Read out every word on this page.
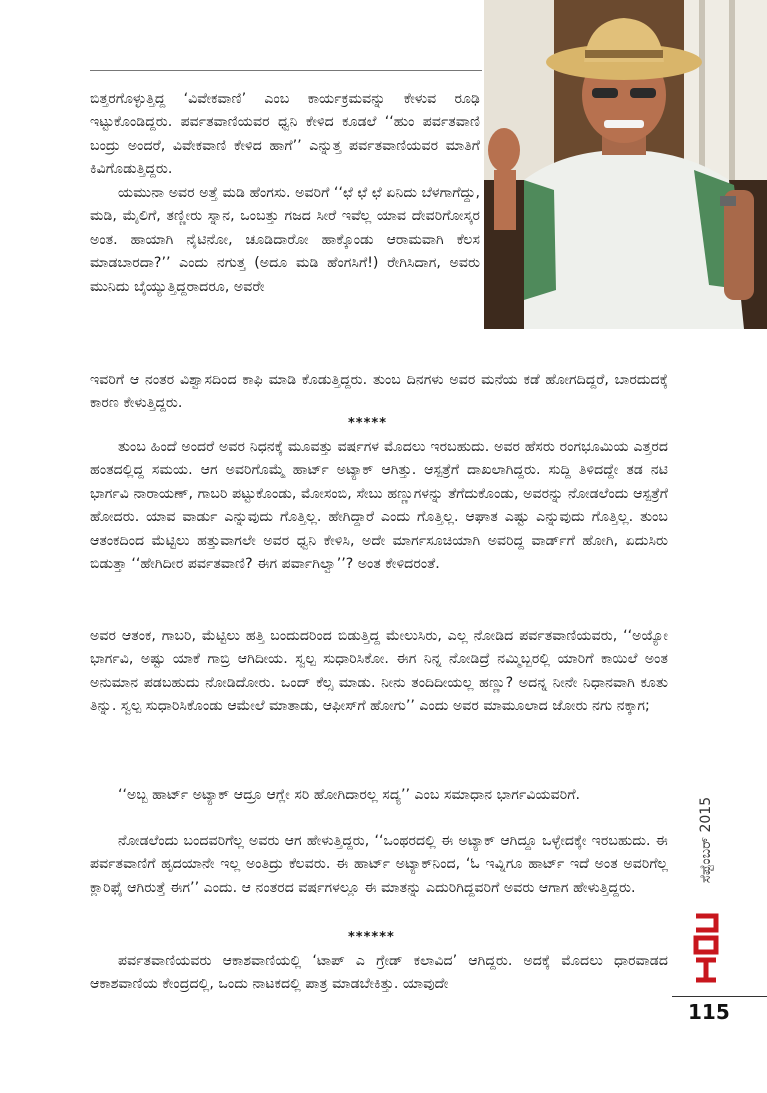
ಬಿತ್ತರಗೊಳ್ಳುತ್ತಿದ್ದ ‘ವಿವೇಕವಾಣಿ’ ಎಂಬ ಕಾರ್ಯಕ್ರಮವನ್ನು ಕೇಳುವ ರೂಢಿ ಇಟ್ಟುಕೊಂಡಿದ್ದರು. ಪರ್ವತವಾಣಿಯವರ ಧ್ವನಿ ಕೇಳಿದ ಕೂಡಲೆ ‘‘ಹುಂ ಪರ್ವತವಾಣಿ ಬಂದ್ರು ಅಂದರೆ, ವಿವೇಕವಾಣಿ ಕೇಳಿದ ಹಾಗೆ’’ ಎನ್ನುತ್ತ ಪರ್ವತವಾಣಿಯವರ ಮಾತಿಗೆ ಕಿವಿಗೊಡುತ್ತಿದ್ದರು.

ಯಮುನಾ ಅವರ ಅತ್ತೆ ಮಡಿ ಹೆಂಗಸು. ಅವರಿಗೆ ‘‘ಛೆ ಛೆ ಛೆ ಏನಿದು ಬೆಳಗಾಗೆದ್ದು, ಮಡಿ, ಮೈಲಿಗೆ, ತಣ್ಣೀರು ಸ್ನಾನ, ಒಂಬತ್ತು ಗಜದ ಸೀರೆ ಇವೆಲ್ಲ ಯಾವ ದೇವರಿಗೋಸ್ಕರ ಅಂತ. ಹಾಯಾಗಿ ನೈಟಿನೋ, ಚೂಡಿದಾರೋ ಹಾಕ್ಕೊಂಡು ಆರಾಮವಾಗಿ ಕೆಲಸ ಮಾಡಬಾರದಾ?’’ ಎಂದು ನಗುತ್ತ (ಅದೂ ಮಡಿ ಹೆಂಗಸಿಗೆ!) ರೇಗಿಸಿದಾಗ, ಅವರು ಮುನಿದು ಬೈಯ್ಯುತ್ತಿದ್ದರಾದರೂ, ಅವರೇ

ಇವರಿಗೆ ಆ ನಂತರ ವಿಶ್ವಾಸದಿಂದ ಕಾಫಿ ಮಾಡಿ ಕೊಡುತ್ತಿದ್ದರು. ತುಂಬ ದಿನಗಳು ಅವರ ಮನೆಯ ಕಡೆ ಹೋಗದಿದ್ದರೆ, ಬಾರದುದಕ್ಕೆ ಕಾರಣ ಕೇಳುತ್ತಿದ್ದರು.

*****

ತುಂಬ ಹಿಂದೆ ಅಂದರೆ ಅವರ ನಿಧನಕ್ಕೆ ಮೂವತ್ತು ವರ್ಷಗಳ ಮೊದಲು ಇರಬಹುದು. ಅವರ ಹೆಸರು ರಂಗಭೂಮಿಯ ಎತ್ತರದ ಹಂತದಲ್ಲಿದ್ದ ಸಮಯ. ಆಗ ಅವರಿಗೊಮ್ಮೆ ಹಾರ್ಟ್ ಅಟ್ಯಾಕ್ ಆಗಿತ್ತು. ಆಸ್ಪತ್ರೆಗೆ ದಾಖಲಾಗಿದ್ದರು. ಸುದ್ದಿ ತಿಳಿದದ್ದೇ ತಡ ನಟಿ ಭಾರ್ಗವಿ ನಾರಾಯಣ್, ಗಾಬರಿ ಪಟ್ಟುಕೊಂಡು, ಮೋಸಂಬಿ, ಸೇಬು ಹಣ್ಣುಗಳನ್ನು ತೆಗೆದುಕೊಂಡು, ಅವರನ್ನು ನೋಡಲೆಂದು ಆಸ್ಪತ್ರೆಗೆ ಹೋದರು. ಯಾವ ವಾರ್ಡು ಎನ್ನುವುದು ಗೊತ್ತಿಲ್ಲ. ಹೇಗಿದ್ದಾರೆ ಎಂದು ಗೊತ್ತಿಲ್ಲ. ಆಘಾತ ಎಷ್ಟು ಎನ್ನುವುದು ಗೊತ್ತಿಲ್ಲ. ತುಂಬ ಆತಂಕದಿಂದ ಮೆಟ್ಟಿಲು ಹತ್ತುವಾಗಲೇ ಅವರ ಧ್ವನಿ ಕೇಳಿಸಿ, ಅದೇ ಮಾರ್ಗಸೂಚಿಯಾಗಿ ಅವರಿದ್ದ ವಾರ್ಡ್‌ಗೆ ಹೋಗಿ, ಏದುಸಿರು ಬಿಡುತ್ತಾ ‘‘ಹೇಗಿದೀರ ಪರ್ವತವಾಣಿ? ಈಗ ಪರ್ವಾಗಿಲ್ವಾ’’? ಅಂತ ಕೇಳಿದರಂತೆ.

ಅವರ ಆತಂಕ, ಗಾಬರಿ, ಮೆಟ್ಟಿಲು ಹತ್ತಿ ಬಂದುದರಿಂದ ಬಿಡುತ್ತಿದ್ದ ಮೇಲುಸಿರು, ಎಲ್ಲ ನೋಡಿದ ಪರ್ವತವಾಣಿಯವರು, ‘‘ಅಯ್ಯೋ ಭಾರ್ಗವಿ, ಅಷ್ಟು ಯಾಕೆ ಗಾಬ್ರಿ ಆಗಿದೀಯ. ಸ್ವಲ್ಪ ಸುಧಾರಿಸಿಕೋ. ಈಗ ನಿನ್ನ ನೋಡಿದ್ರೆ ನಮ್ಮಿಬ್ಬರಲ್ಲಿ ಯಾರಿಗೆ ಕಾಯಿಲೆ ಅಂತ ಅನುಮಾನ ಪಡಬಹುದು ನೋಡಿದೋರು. ಒಂದ್ ಕೆಲ್ಸ ಮಾಡು. ನೀನು ತಂದಿದೀಯಲ್ಲ ಹಣ್ಣು? ಅದನ್ನ ನೀನೇ ನಿಧಾನವಾಗಿ ಕೂತು ತಿನ್ನು. ಸ್ವಲ್ಪ ಸುಧಾರಿಸಿಕೊಂಡು ಆಮೇಲೆ ಮಾತಾಡು, ಆಫೀಸ್‌ಗೆ ಹೋಗು’’ ಎಂದು ಅವರ ಮಾಮೂಲಾದ ಜೋರು ನಗು ನಕ್ಕಾಗ;

‘‘ಅಬ್ಬ ಹಾರ್ಟ್ ಅಟ್ಯಾಕ್ ಆದ್ರೂ ಆಗ್ಲೇ ಸರಿ ಹೋಗಿದಾರಲ್ಲ ಸದ್ಯ’’ ಎಂಬ ಸಮಾಧಾನ ಭಾರ್ಗವಿಯವರಿಗೆ.

ನೋಡಲೆಂದು ಬಂದವರಿಗೆಲ್ಲ ಅವರು ಆಗ ಹೇಳುತ್ತಿದ್ದರು, ‘‘ಒಂಥರದಲ್ಲಿ ಈ ಅಟ್ಯಾಕ್ ಆಗಿದ್ದೂ ಒಳ್ಳೇದಕ್ಕೇ ಇರಬಹುದು. ಈ ಪರ್ವತವಾಣಿಗೆ ಹೃದಯಾನೇ ಇಲ್ಲ ಅಂತಿದ್ರು ಕೆಲವರು. ಈ ಹಾರ್ಟ್ ಅಟ್ಯಾಕ್‌ನಿಂದ, ‘ಓ ಇವ್ನಿಗೂ ಹಾರ್ಟ್ ಇದೆ ಅಂತ ಅವರಿಗೆಲ್ಲ ಕ್ಲಾರಿಫೈ ಆಗಿರುತ್ತೆ ಈಗ’’ ಎಂದು. ಆ ನಂತರದ ವರ್ಷಗಳಲ್ಲೂ ಈ ಮಾತನ್ನು ಎದುರಿಗಿದ್ದವರಿಗೆ ಅವರು ಆಗಾಗ ಹೇಳುತ್ತಿದ್ದರು.

******

ಪರ್ವತವಾಣಿಯವರು ಆಕಾಶವಾಣಿಯಲ್ಲಿ ‘ಟಾಪ್ ಎ ಗ್ರೇಡ್ ಕಲಾವಿದ’ ಆಗಿದ್ದರು. ಅದಕ್ಕೆ ಮೊದಲು ಧಾರವಾಡದ ಆಕಾಶವಾಣಿಯ ಕೇಂದ್ರದಲ್ಲಿ, ಒಂದು ನಾಟಕದಲ್ಲಿ ಪಾತ್ರ ಮಾಡಬೇಕಿತ್ತು. ಯಾವುದೇ

ಸೆಪ್ಟೆಂಬರ್ 2015
115
